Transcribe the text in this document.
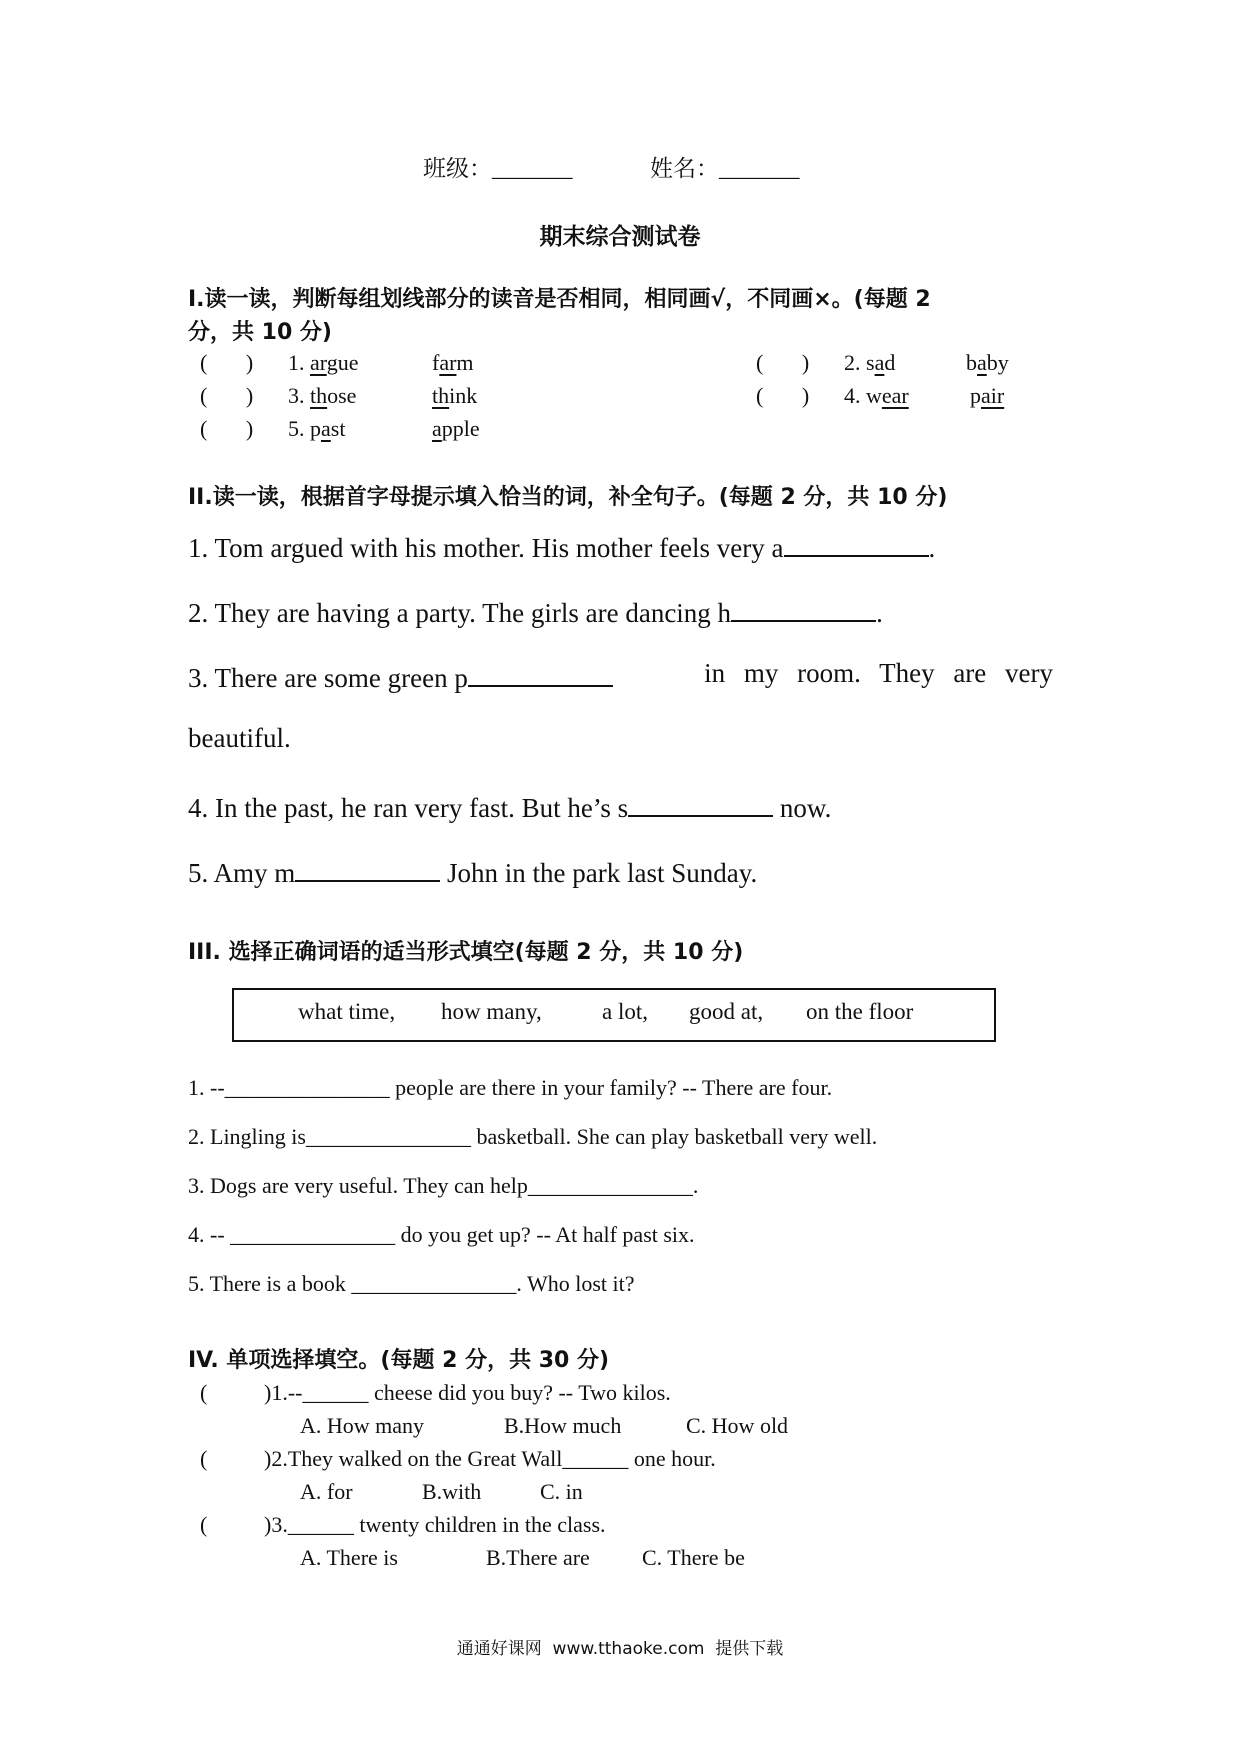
班级：_______	姓名：_______
期末综合测试卷
I.读一读，判断每组划线部分的读音是否相同，相同画√，不同画×。(每题 2
分，共 10 分)
(       ) 1. argue	farm	(       ) 2. sad	baby
(       ) 3. those	think	(       ) 4. wear	pair
(       ) 5. past	apple
II.读一读，根据首字母提示填入恰当的词，补全句子。(每题 2 分，共 10 分)
1. Tom argued with his mother. His mother feels very a	.
2. They are having a party. The girls are dancing h	.
3. There are some green p	in my room. They are very
beautiful.
4. In the past, he ran very fast. But he’s s	now.
5. Amy m	John in the park last Sunday.
III. 选择正确词语的适当形式填空(每题 2 分，共 10 分)
what time, how many,	a lot, good at, on the floor
1. --_______________ people are there in your family? -- There are four.
2. Lingling is_______________ basketball. She can play basketball very well.
3. Dogs are very useful. They can help_______________.
4. -- _______________ do you get up? -- At half past six.
5. There is a book _______________. Who lost it?
IV. 单项选择填空。(每题 2 分，共 30 分)
(	)1.--______ cheese did you buy? -- Two kilos.
A. How many	B.How much	C. How old
(	)2.They walked on the Great Wall______ one hour.
A. for	B.with	C. in
(	)3.______ twenty children in the class.
A. There is	B.There are C. There be
通通好课网  www.tthaoke.com  提供下载
